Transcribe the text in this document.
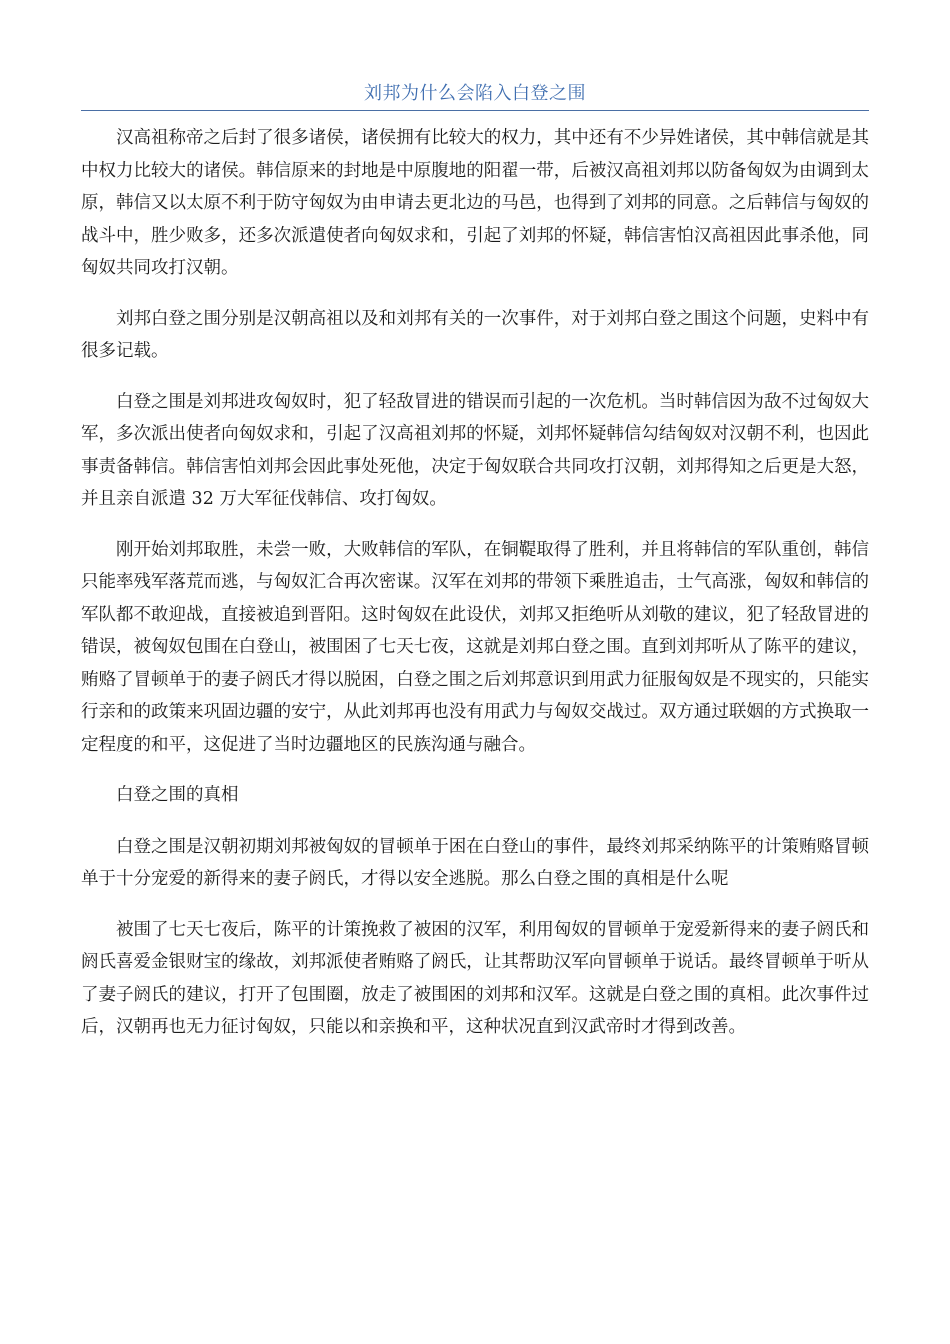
刘邦为什么会陷入白登之围

汉高祖称帝之后封了很多诸侯，诸侯拥有比较大的权力，其中还有不少异姓诸侯，其中韩信就是其中权力比较大的诸侯。韩信原来的封地是中原腹地的阳翟一带，后被汉高祖刘邦以防备匈奴为由调到太原，韩信又以太原不利于防守匈奴为由申请去更北边的马邑，也得到了刘邦的同意。之后韩信与匈奴的战斗中，胜少败多，还多次派遣使者向匈奴求和，引起了刘邦的怀疑，韩信害怕汉高祖因此事杀他，同匈奴共同攻打汉朝。

刘邦白登之围分别是汉朝高祖以及和刘邦有关的一次事件，对于刘邦白登之围这个问题，史料中有很多记载。

白登之围是刘邦进攻匈奴时，犯了轻敌冒进的错误而引起的一次危机。当时韩信因为敌不过匈奴大军，多次派出使者向匈奴求和，引起了汉高祖刘邦的怀疑，刘邦怀疑韩信勾结匈奴对汉朝不利，也因此事责备韩信。韩信害怕刘邦会因此事处死他，决定于匈奴联合共同攻打汉朝，刘邦得知之后更是大怒，并且亲自派遣 32 万大军征伐韩信、攻打匈奴。

刚开始刘邦取胜，未尝一败，大败韩信的军队，在铜鞮取得了胜利，并且将韩信的军队重创，韩信只能率残军落荒而逃，与匈奴汇合再次密谋。汉军在刘邦的带领下乘胜追击，士气高涨，匈奴和韩信的军队都不敢迎战，直接被追到晋阳。这时匈奴在此设伏，刘邦又拒绝听从刘敬的建议，犯了轻敌冒进的错误，被匈奴包围在白登山，被围困了七天七夜，这就是刘邦白登之围。直到刘邦听从了陈平的建议，贿赂了冒顿单于的妻子阏氏才得以脱困，白登之围之后刘邦意识到用武力征服匈奴是不现实的，只能实行亲和的政策来巩固边疆的安宁，从此刘邦再也没有用武力与匈奴交战过。双方通过联姻的方式换取一定程度的和平，这促进了当时边疆地区的民族沟通与融合。

白登之围的真相

白登之围是汉朝初期刘邦被匈奴的冒顿单于困在白登山的事件，最终刘邦采纳陈平的计策贿赂冒顿单于十分宠爱的新得来的妻子阏氏，才得以安全逃脱。那么白登之围的真相是什么呢

被围了七天七夜后，陈平的计策挽救了被困的汉军，利用匈奴的冒顿单于宠爱新得来的妻子阏氏和阏氏喜爱金银财宝的缘故，刘邦派使者贿赂了阏氏，让其帮助汉军向冒顿单于说话。最终冒顿单于听从了妻子阏氏的建议，打开了包围圈，放走了被围困的刘邦和汉军。这就是白登之围的真相。此次事件过后，汉朝再也无力征讨匈奴，只能以和亲换和平，这种状况直到汉武帝时才得到改善。
